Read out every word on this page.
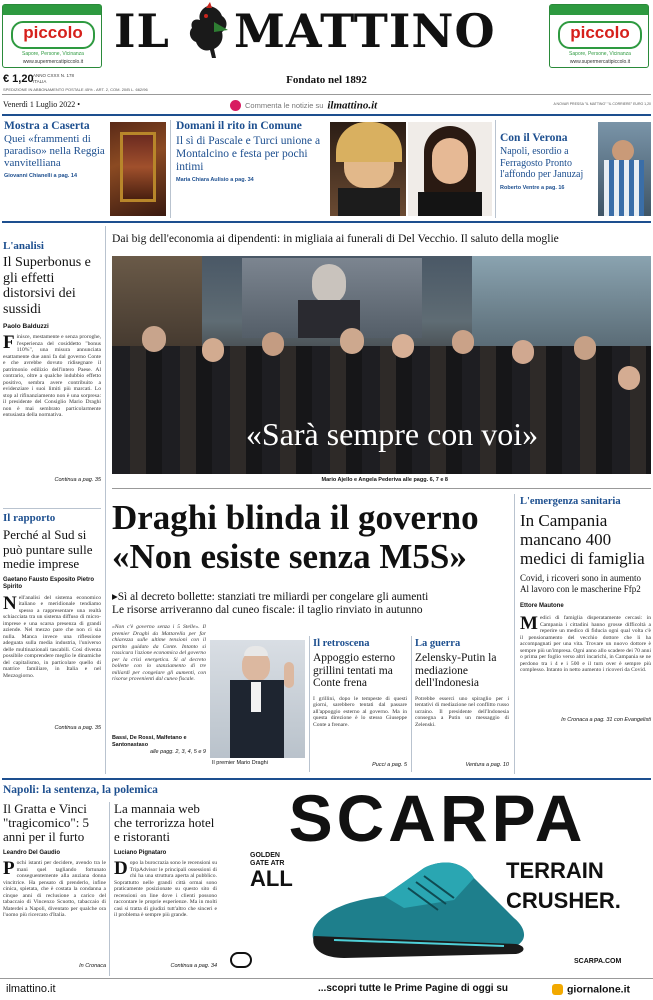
piccolo
Sapore, Persone, Vicinanza
www.supermercatipiccolo.it
piccolo
Sapore, Persone, Vicinanza
www.supermercatipiccolo.it
IL MATTINO
Fondato nel 1892
€ 1,20 ANNO CXXX N. 178
ITALIA
SPEDIZIONE IN ABBONAMENTO POSTALE 45% - ART. 2, COM. 20/B L. 662/96
Venerdì 1 Luglio 2022 •	Commenta le notizie su ilmattino.it	A NOVAR PRESSA "IL MATTINO" "IL CORRIERE" EURO 1,20
Mostra a Caserta
Quei «frammenti di paradiso» nella Reggia vanvitelliana
Giovanni Chianelli a pag. 14
Domani il rito in Comune
Il sì di Pascale e Turci unione a Montalcino e festa per pochi intimi
Maria Chiara Aulisio a pag. 34
Con il Verona
Napoli, esordio a Ferragosto Pronto l'affondo per Januzaj
Roberto Ventre a pag. 16
L'analisi
Il Superbonus e gli effetti distorsivi dei sussidi
Paolo Balduzzi
Finisce, mestamente e senza proroghe, l'esperienza del cosiddetto "bonus 110%", una misura annunciata esattamente due anni fa dal governo Conte e che avrebbe dovuto ridisegnare il patrimonio edilizio dell'intero Paese. Al contrario, oltre a qualche indubbio effetto positivo, sembra avere contribuito a evidenziare i suoi limiti più marcati. Lo stop al rifinanziamento non è una sorpresa: il presidente del Consiglio Mario Draghi non è mai sembrato particolarmente entusiasta della normativa.
Continua a pag. 35
Il rapporto
Perché al Sud si può puntare sulle medie imprese
Gaetano Fausto Esposito Pietro Spirito
Nell'analisi del sistema economico italiano e meridionale tendiamo spesso a rappresentare una realtà schiacciata tra un sistema diffuso di micro-imprese e una scarsa presenza di grandi aziende. Nel mezzo pare che non ci sia nulla. Manca invece una riflessione adeguata sulla media industria, l'universo delle multinazionali tascabili. Così diventa possibile comprendere meglio le dinamiche del capitalismo, in particolare quello di matrice familiare, in Italia e nel Mezzogiorno.
Continua a pag. 35
Dai big dell'economia ai dipendenti: in migliaia ai funerali di Del Vecchio. Il saluto della moglie
«Sarà sempre con voi»
Mario Ajello e Angela Pederiva alle pagg. 6, 7 e 8
Draghi blinda il governo
«Non esiste senza M5S»
▸Sì al decreto bollette: stanziati tre miliardi per congelare gli aumenti
Le risorse arriveranno dal cuneo fiscale: il taglio rinviato in autunno
«Non c'è governo senza i 5 Stelle». Il premier Draghi da Mattarella per far chiarezza sulle ultime tensioni con il partito guidato da Conte. Intanto si rassicura l'azione economica del governo per la crisi energetica. Si al decreto bollette con lo stanziamento di tre miliardi per congelare gli aumenti, con risorse provenienti dal cuneo fiscale.
Bassi, De Rossi, Malfetano e Santonastaso
alle pagg. 2, 3, 4, 5 e 9
Il premier Mario Draghi
Il retroscena
Appoggio esterno grillini tentati ma Conte frena
I grillini, dopo le tempeste di questi giorni, sarebbero tentati dal passare all'appoggio esterno al governo. Ma in questa direzione è lo stesso Giuseppe Conte a frenare.
Pucci a pag. 5
La guerra
Zelensky-Putin la mediazione dell'Indonesia
Potrebbe esserci uno spiraglio per i tentativi di mediazione nel conflitto russo ucraino. Il presidente dell'Indonesia consegna a Putin un messaggio di Zelenski.
Ventura a pag. 10
L'emergenza sanitaria
In Campania mancano 400 medici di famiglia
Covid, i ricoveri sono in aumento Al lavoro con le mascherine Ffp2
Ettore Mautone
Medici di famiglia disperatamente cercasi: in Campania i cittadini hanno grosse difficoltà a reperire un medico di fiducia ogni qual volta c'è il pensionamento del vecchio dottore che li ha accompagnati per una vita. Trovare un nuovo dottore è sempre più un'impresa. Ogni anno allo scadere dei 70 anni o prima per foglio verso altri incarichi, in Campania se ne perdono tra i 4 e i 500 e il turn over è sempre più complesso. Intanto in netto aumento i ricoveri da Covid.
In Cronaca a pag. 31 con Evangelisti
Napoli: la sentenza, la polemica
Il Gratta e Vinci "tragicomico": 5 anni per il furto
Leandro Del Gaudio
Pochi istanti per decidere, avendo tra le mani quel tagliando fortunato conseguentemente alla anziana donna vincitrice. Ha pensato di prenderlo, infine cinica, spietata, che è costata la condanna a cinque anni di reclusione a carico del tabaccaio di Vincenzo Scuotto, tabaccaio di Materdei a Napoli, diventato per qualche ora l'uomo più ricercato d'Italia.
In Cronaca
La mannaia web che terrorizza hotel e ristoranti
Luciano Pignataro
Dopo la burocrazia sono le recensioni su TripAdvisor le principali ossessioni di chi ha una struttura aperta al pubblico. Soprattutto nelle grandi città ormai sono praticamente posizionate su questo sito di recensioni on line dove i clienti possono raccontare le proprie esperienze. Ma in molti casi si tratta di giudizi tutt'altro che sinceri e il problema è sempre più grande.
Continua a pag. 34
SCARPA
GOLDEN
GATE ATR
ALL	TERRAIN
CRUSHER.
SCARPA.COM
ilmattino.it	...scopri tutte le Prime Pagine di oggi su	giornalone.it
